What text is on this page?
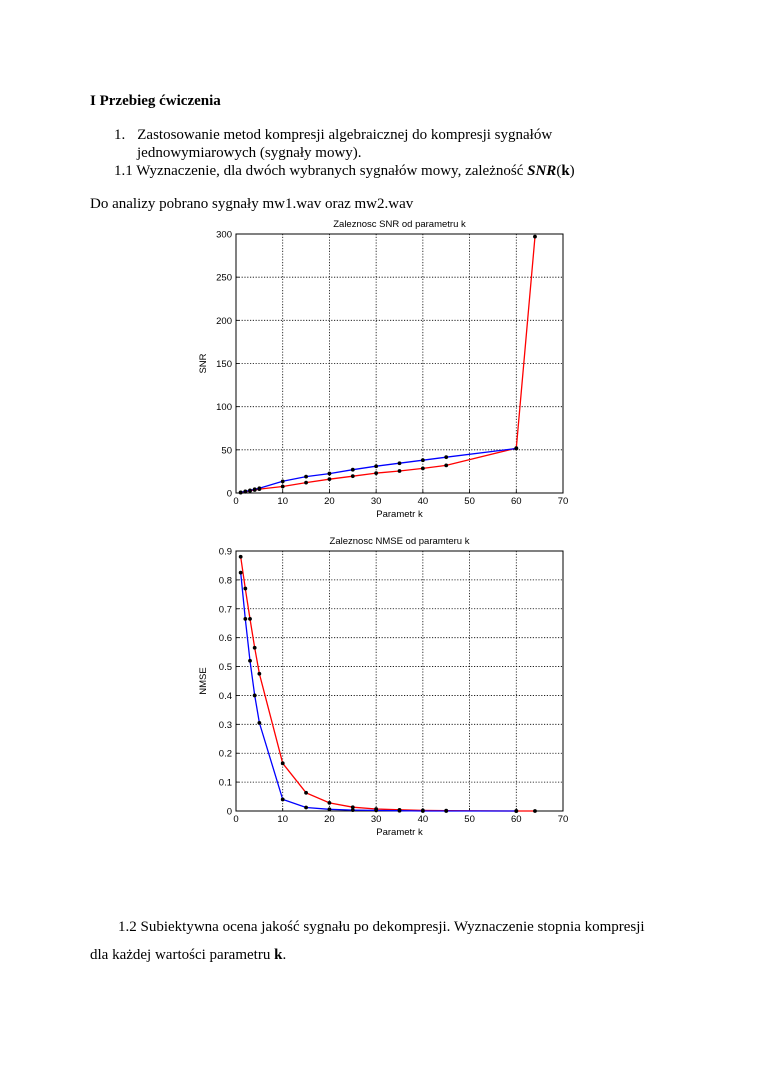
I Przebieg ćwiczenia
1. Zastosowanie metod kompresji algebraicznej do kompresji sygnałów
jednowymiarowych (sygnały mowy).
1.1 Wyznaczenie, dla dwóch wybranych sygnałów mowy, zależność SNR(k)
Do analizy pobrano sygnały mw1.wav oraz mw2.wav
Zaleznosc SNR od parametru k
Parametr k
SNR
0	10	20	30	40	50	60	70
0
50
100
150
200
250
300
Zaleznosc NMSE od paramteru k
Parametr k
NMSE
0	10	20	30	40	50	60	70
0
0.1
0.2
0.3
0.4
0.5
0.6
0.7
0.8
0.9
1.2 Subiektywna ocena jakość sygnału po dekompresji. Wyznaczenie stopnia kompresji
dla każdej wartości parametru k.
